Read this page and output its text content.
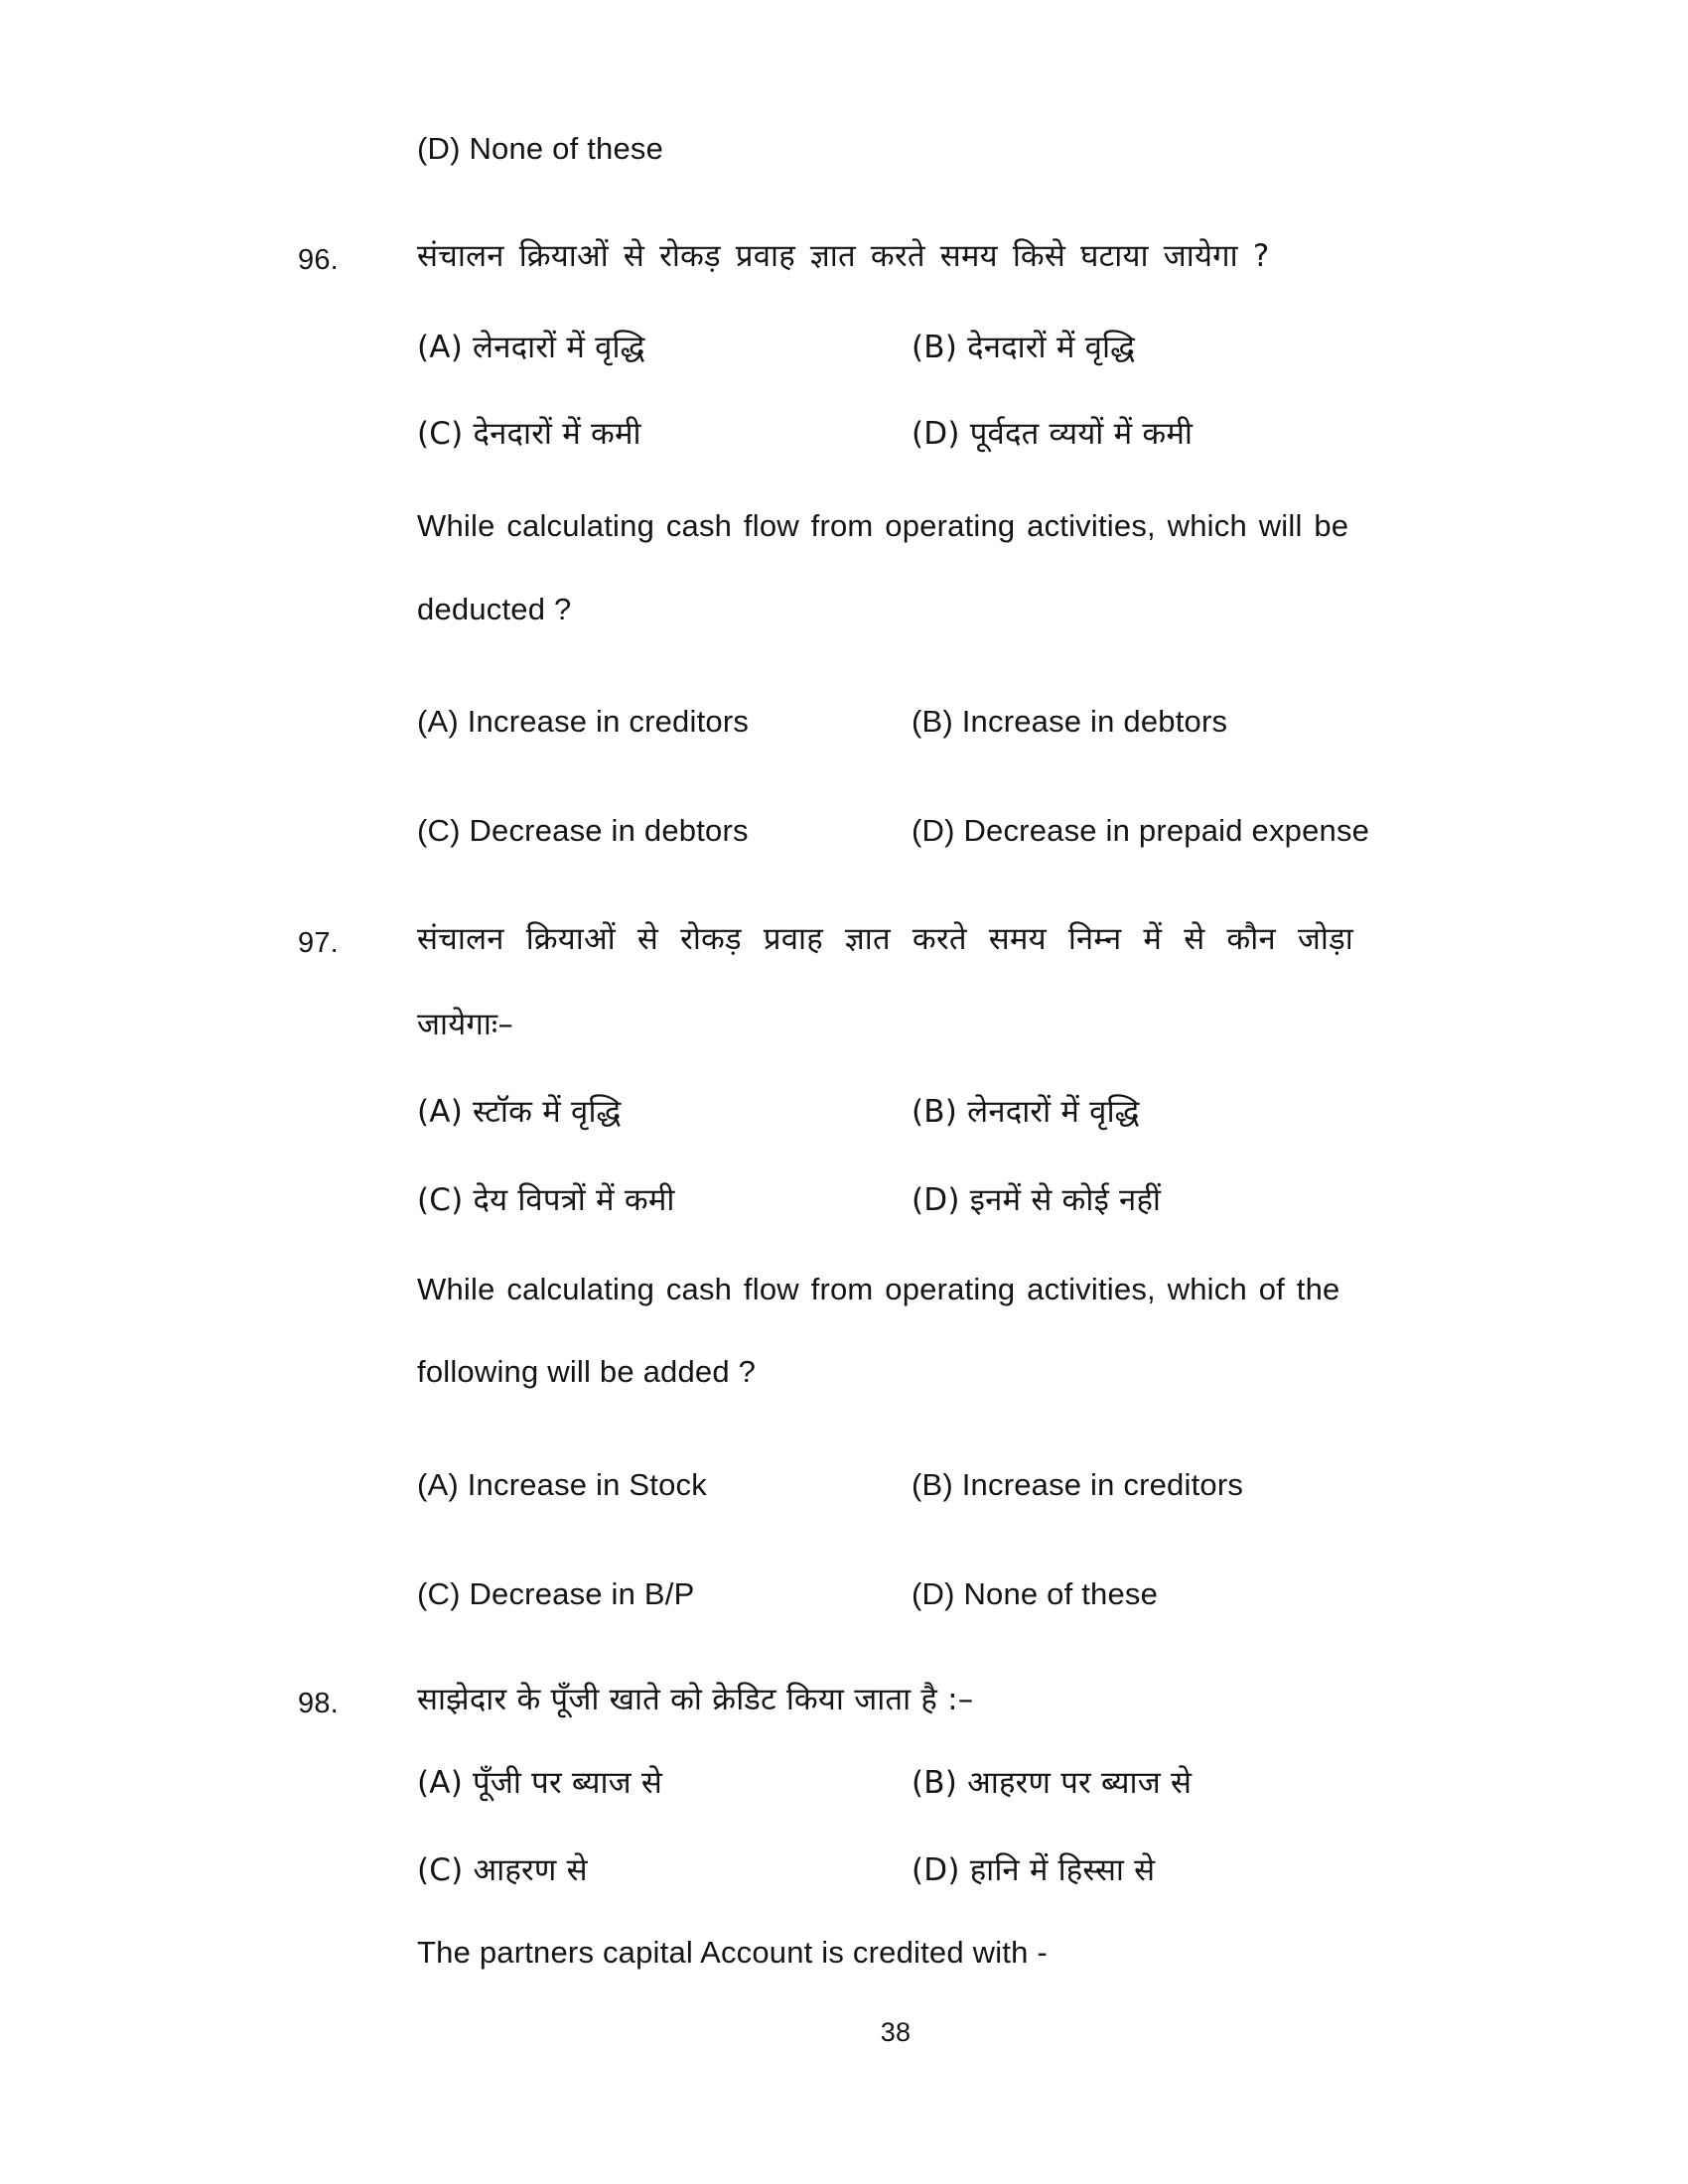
(D) None of these
96.	संचालन क्रियाओं से रोकड़ प्रवाह ज्ञात करते समय किसे घटाया जायेगा ?
(A) लेनदारों में वृद्धि	(B) देनदारों में वृद्धि
(C) देनदारों में कमी	(D) पूर्वदत व्ययों में कमी
While calculating cash flow from operating activities, which will be
deducted ?
(A) Increase in creditors	(B) Increase in debtors
(C) Decrease in debtors	(D) Decrease in prepaid expense
97.	संचालन क्रियाओं से रोकड़ प्रवाह ज्ञात करते समय निम्न में से कौन जोड़ा
जायेगाः–
(A) स्टॉक में वृद्धि	(B) लेनदारों में वृद्धि
(C) देय विपत्रों में कमी	(D) इनमें से कोई नहीं
While calculating cash flow from operating activities, which of the
following will be added ?
(A) Increase in Stock	(B) Increase in creditors
(C) Decrease in B/P	(D) None of these
98.	साझेदार के पूँजी खाते को क्रेडिट किया जाता है :–
(A) पूँजी पर ब्याज से	(B) आहरण पर ब्याज से
(C) आहरण से	(D) हानि में हिस्सा से
The partners capital Account is credited with -
38
